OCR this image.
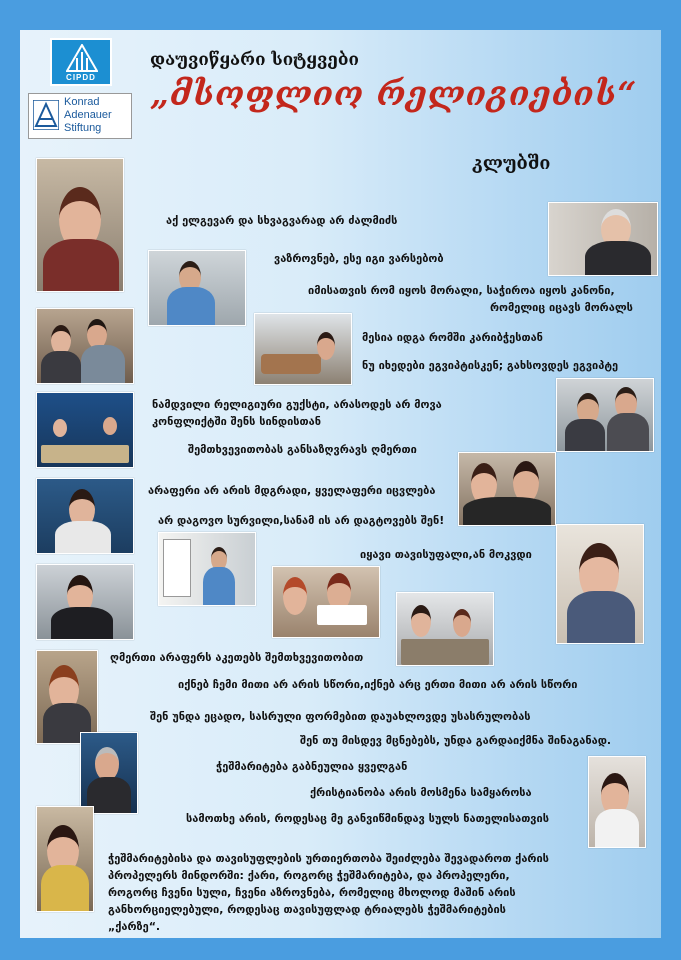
CIPDD
Konrad
Adenauer
Stiftung
დაუვიწყარი სიტყვები
„მსოფლიო რელიგიების“
კლუბში
აქ ელგევარ და სხვაგვარად არ ძალმიძს
ვაზროვნებ, ესე იგი ვარსებობ
იმისათვის რომ იყოს მორალი, საჭიროა იყოს კანონი,
რომელიც იცავს მორალს
მესია იდგა რომში კარიბჭესთან
ნუ იხედები ეგვიპტისკენ; გახსოვდეს ეგვიპტე
ნამდვილი რელიგიური გუქსტი, არასოდეს არ მოვა
კონფლიქტში შენს სინდისთან
შემთხვევითობას განსაზღვრავს ღმერთი
არაფერი არ არის მდგრადი, ყველაფერი იცვლება
არ დაგოვო სურვილი,სანამ ის არ დაგტოვებს შენ!
იყავი თავისუფალი,ან მოკვდი
ღმერთი არაფერს აკეთებს შემთხვევითობით
იქნებ ჩემი მითი არ არის სწორი,იქნებ არც ერთი მითი არ არის სწორი
შენ უნდა ეცადო, სასრული ფორმებით დაუახლოვდე უსასრულობას
შენ თუ მისდევ მცნებებს, უნდა გარდაიქმნა შინაგანად.
ჭეშმარიტება გაბნეულია ყველგან
ქრისტიანობა არის მოსმენა სამყაროსა
სამოთხე არის, როდესაც მე განვიწმინდავ სულს ნათელისათვის
ჭეშმარიტებისა და თავისუფლების ურთიერთობა შეიძლება შევადაროთ ქარის პროპელერს მინდორში: ქარი, როგორც ჭეშმარიტება, და პროპელერი, როგორც ჩვენი სული, ჩვენი აზროვნება, რომელიც მხოლოდ მაშინ არის განხორციელებული, როდესაც თავისუფლად ტრიალებს ჭეშმარიტების „ქარზე“.
